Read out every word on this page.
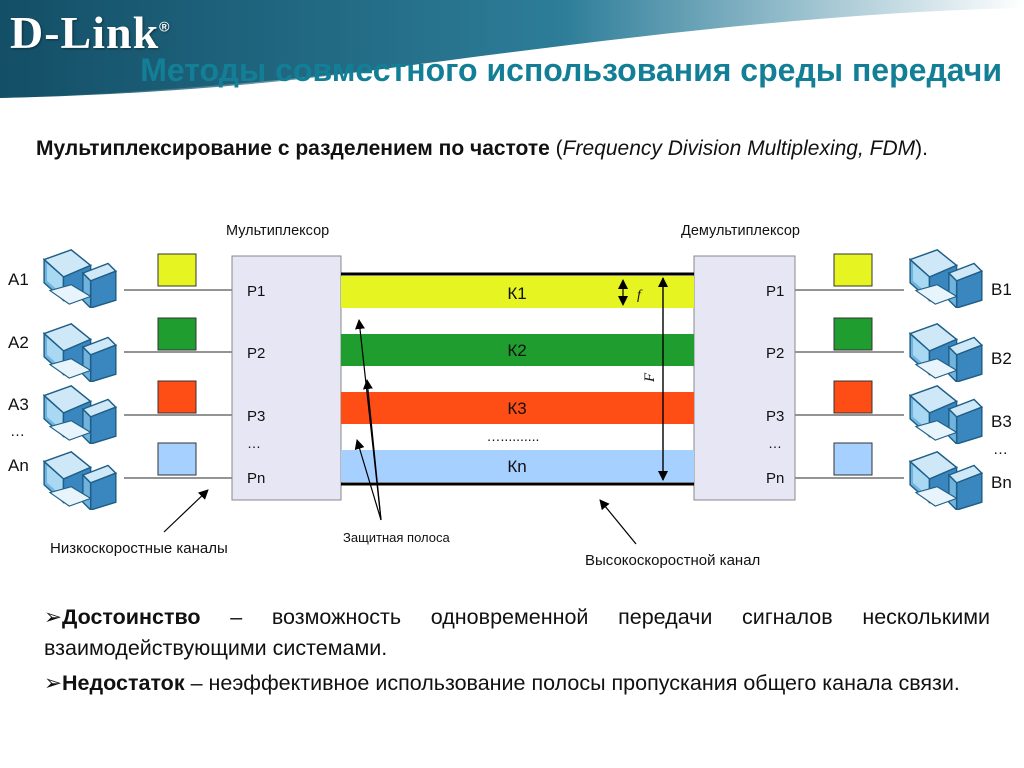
D-Link®
Методы совместного использования среды передачи

Мультиплексирование с разделением по частоте (Frequency Division Multiplexing, FDM).

Мультиплексор	Демультиплексор
A1
A2
A3
…
An
B1
B2
B3
…
Bn
P1
P2
P3
…
Pn
P1
P2
P3
…
Pn
К1
К2
К3
…..........
Кn
f
F
Защитная полоса
Низкоскоростные каналы
Высокоскоростной канал

➢Достоинство – возможность одновременной передачи сигналов несколькими взаимодействующими системами.

➢Недостаток – неэффективное использование полосы пропускания общего канала связи.
